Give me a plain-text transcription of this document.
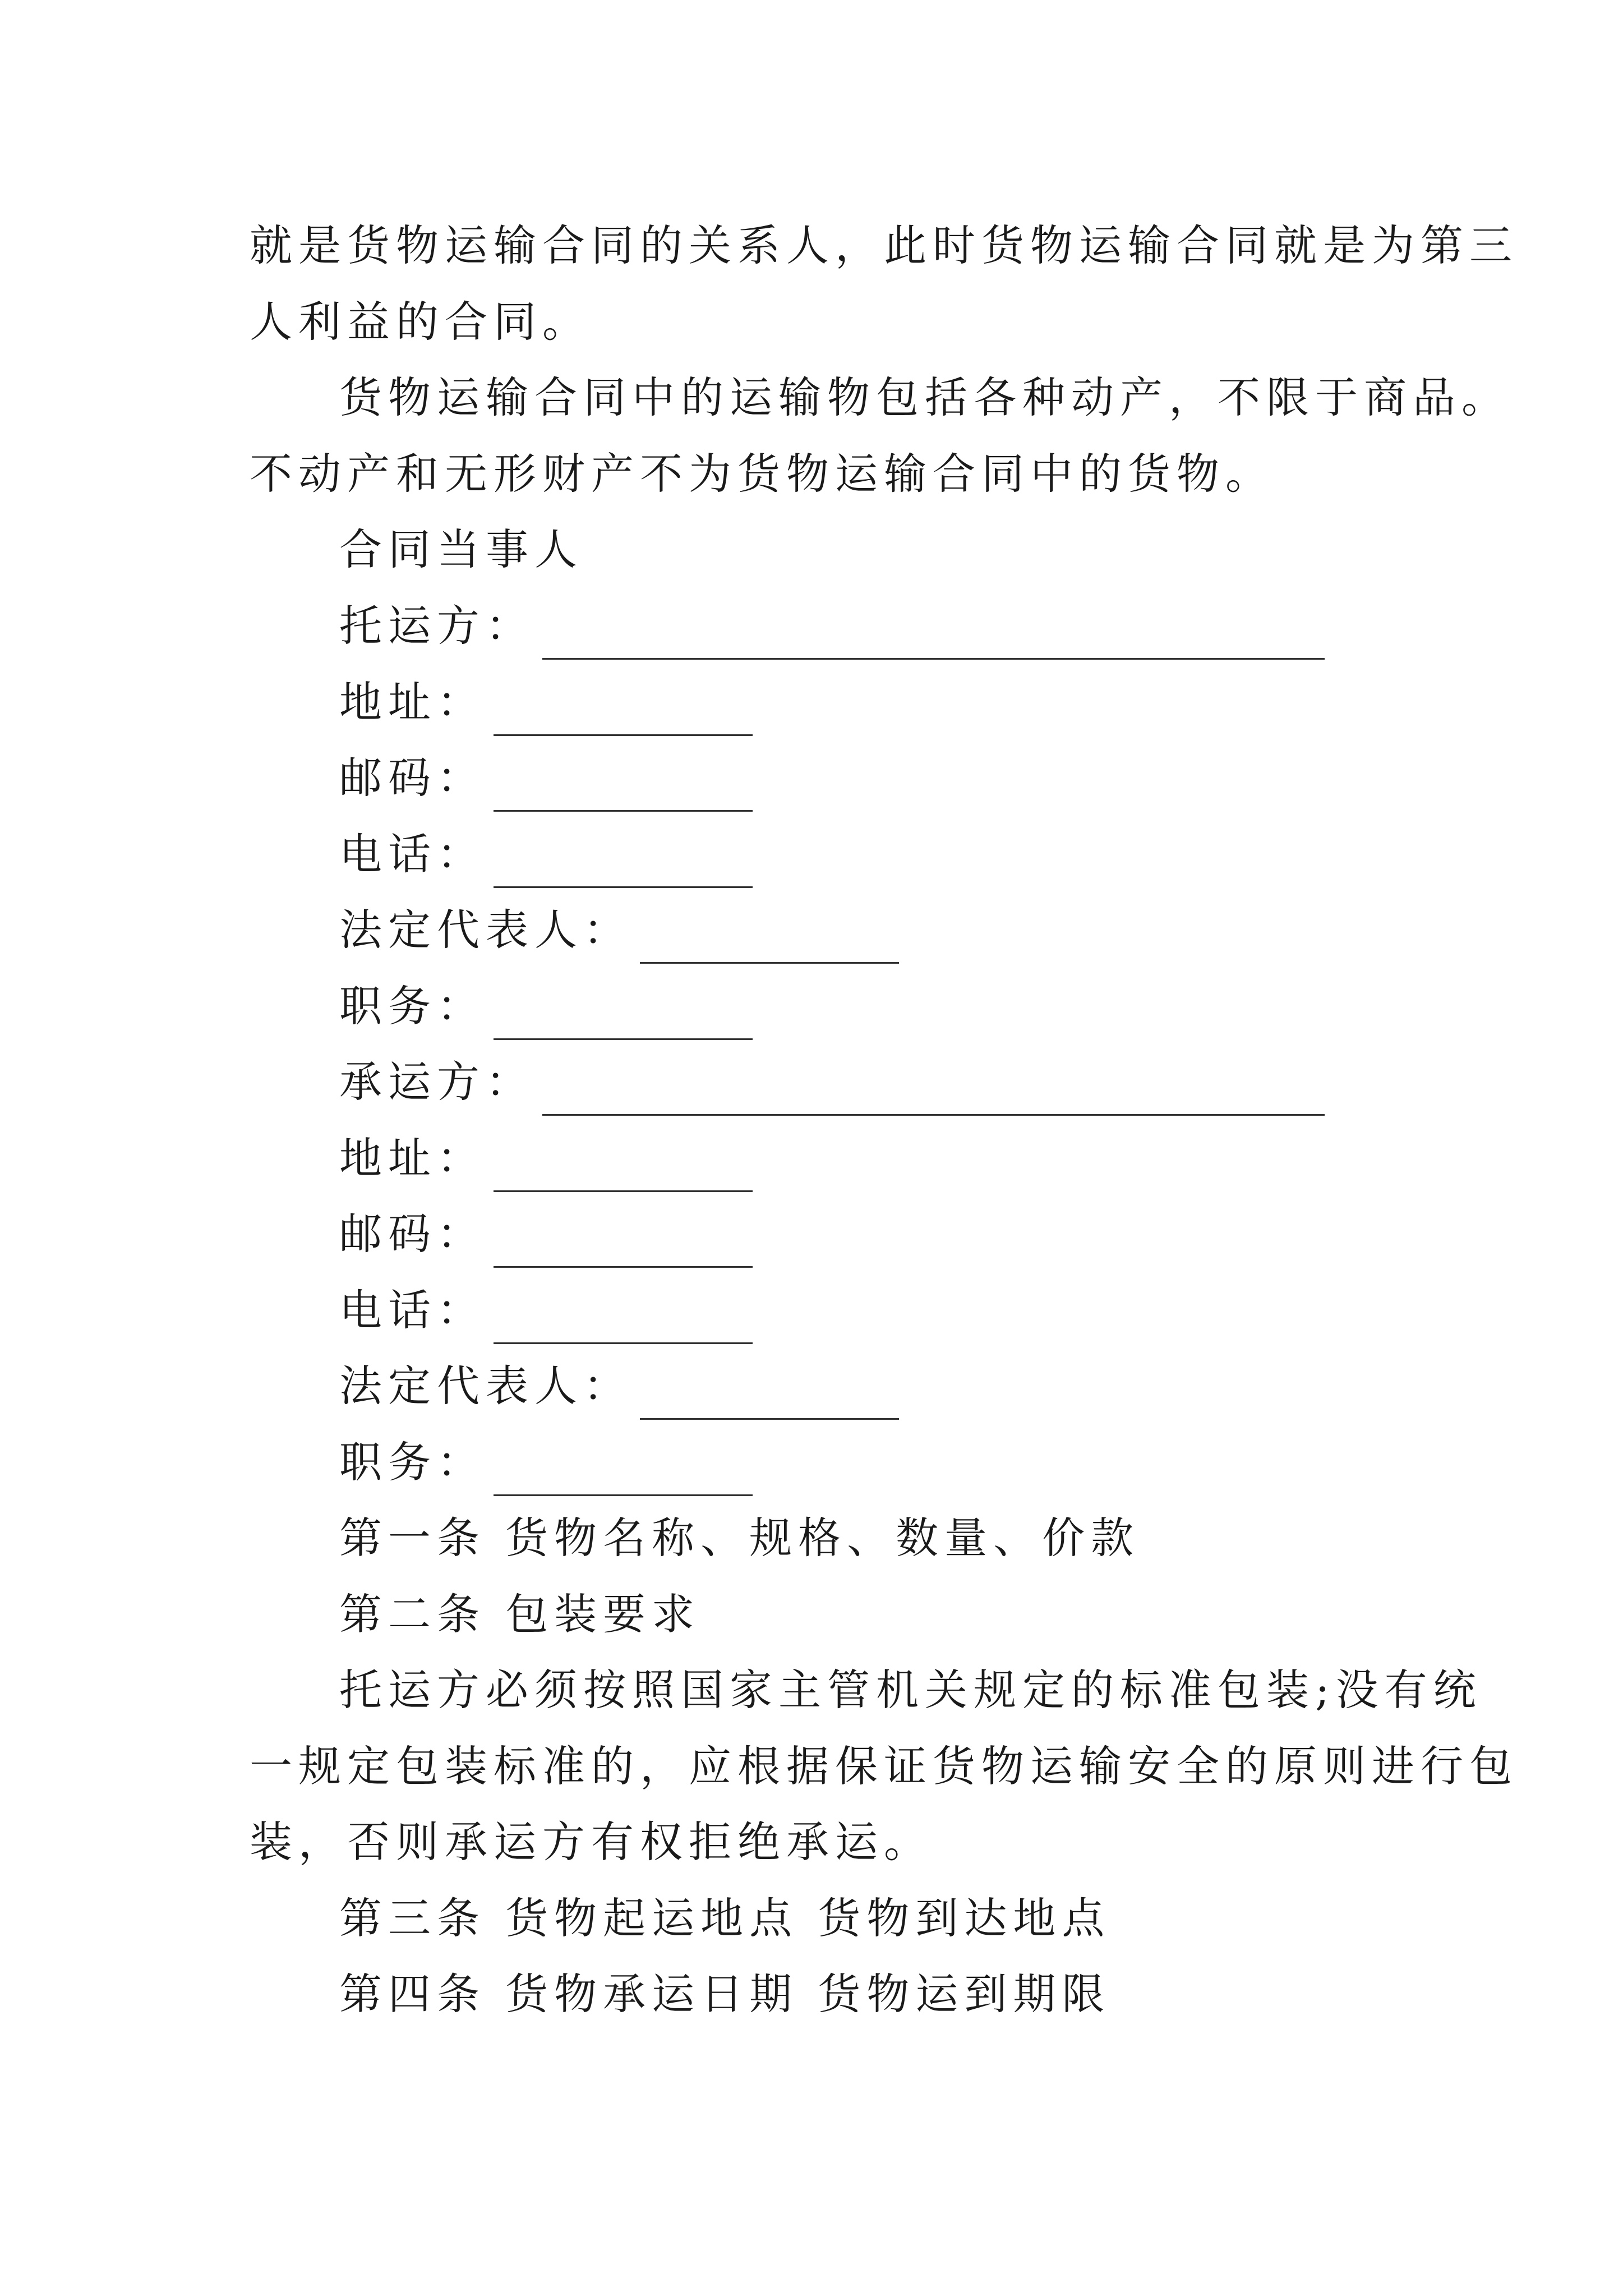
就是货物运输合同的关系人，此时货物运输合同就是为第三
人利益的合同。
货物运输合同中的运输物包括各种动产，不限于商品。
不动产和无形财产不为货物运输合同中的货物。
合同当事人
托运方：
地址：
邮码：
电话：
法定代表人：
职务：
承运方：
地址：
邮码：
电话：
法定代表人：
职务：
第一条 货物名称、规格、数量、价款
第二条 包装要求
托运方必须按照国家主管机关规定的标准包装;没有统
一规定包装标准的，应根据保证货物运输安全的原则进行包
装，否则承运方有权拒绝承运。
第三条 货物起运地点 货物到达地点
第四条 货物承运日期 货物运到期限
